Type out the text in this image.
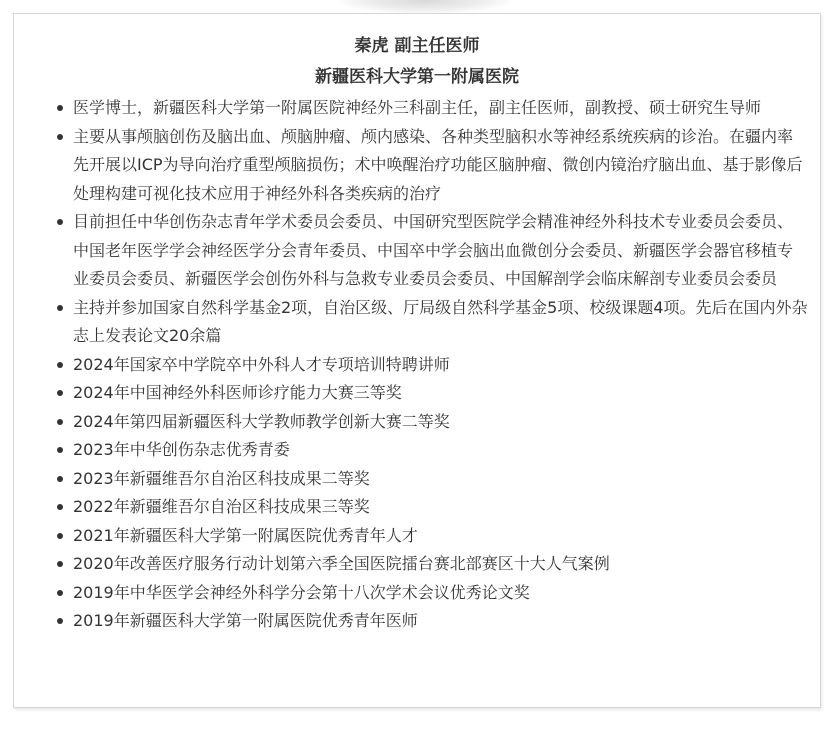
秦虎 副主任医师

新疆医科大学第一附属医院

医学博士，新疆医科大学第一附属医院神经外三科副主任，副主任医师，副教授、硕士研究生导师
主要从事颅脑创伤及脑出血、颅脑肿瘤、颅内感染、各种类型脑积水等神经系统疾病的诊治。在疆内率先开展以ICP为导向治疗重型颅脑损伤；术中唤醒治疗功能区脑肿瘤、微创内镜治疗脑出血、基于影像后处理构建可视化技术应用于神经外科各类疾病的治疗
目前担任中华创伤杂志青年学术委员会委员、中国研究型医院学会精准神经外科技术专业委员会委员、中国老年医学学会神经医学分会青年委员、中国卒中学会脑出血微创分会委员、新疆医学会器官移植专业委员会委员、新疆医学会创伤外科与急救专业委员会委员、中国解剖学会临床解剖专业委员会委员
主持并参加国家自然科学基金2项，自治区级、厅局级自然科学基金5项、校级课题4项。先后在国内外杂志上发表论文20余篇
2024年国家卒中学院卒中外科人才专项培训特聘讲师
2024年中国神经外科医师诊疗能力大赛三等奖
2024年第四届新疆医科大学教师教学创新大赛二等奖
2023年中华创伤杂志优秀青委
2023年新疆维吾尔自治区科技成果二等奖
2022年新疆维吾尔自治区科技成果三等奖
2021年新疆医科大学第一附属医院优秀青年人才
2020年改善医疗服务行动计划第六季全国医院擂台赛北部赛区十大人气案例
2019年中华医学会神经外科学分会第十八次学术会议优秀论文奖
2019年新疆医科大学第一附属医院优秀青年医师
